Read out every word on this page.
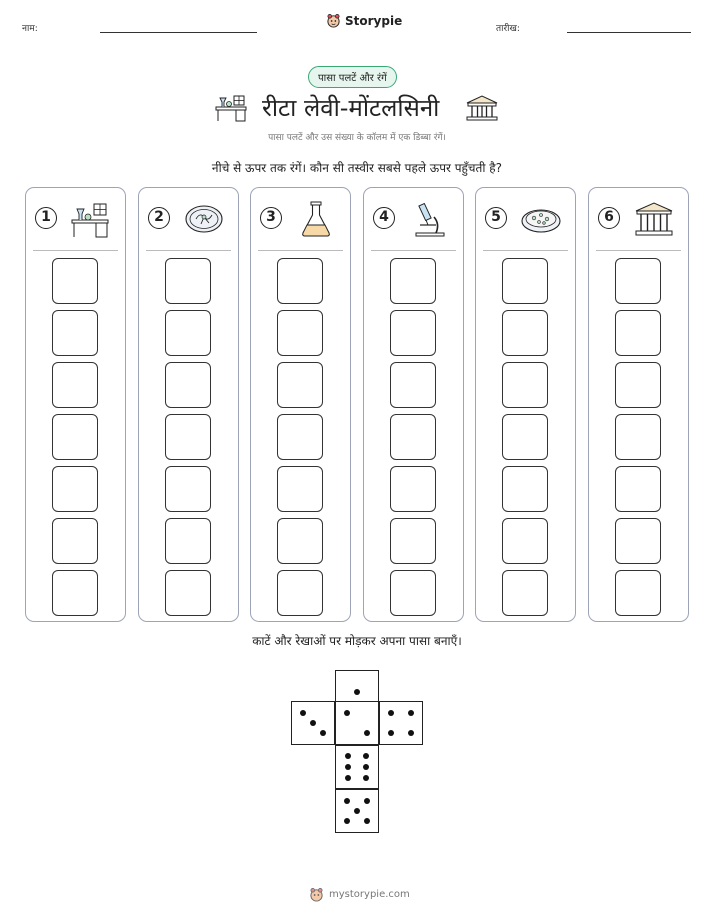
नाम:
Storypie
तारीख:
पासा पलटें और रंगें
रीटा लेवी-मोंटलसिनी
पासा पलटें और उस संख्या के कॉलम में एक डिब्बा रंगें।
नीचे से ऊपर तक रंगें। कौन सी तस्वीर सबसे पहले ऊपर पहुँचती है?
1	2	3	4	5	6
काटें और रेखाओं पर मोड़कर अपना पासा बनाएँ।
mystorypie.com
